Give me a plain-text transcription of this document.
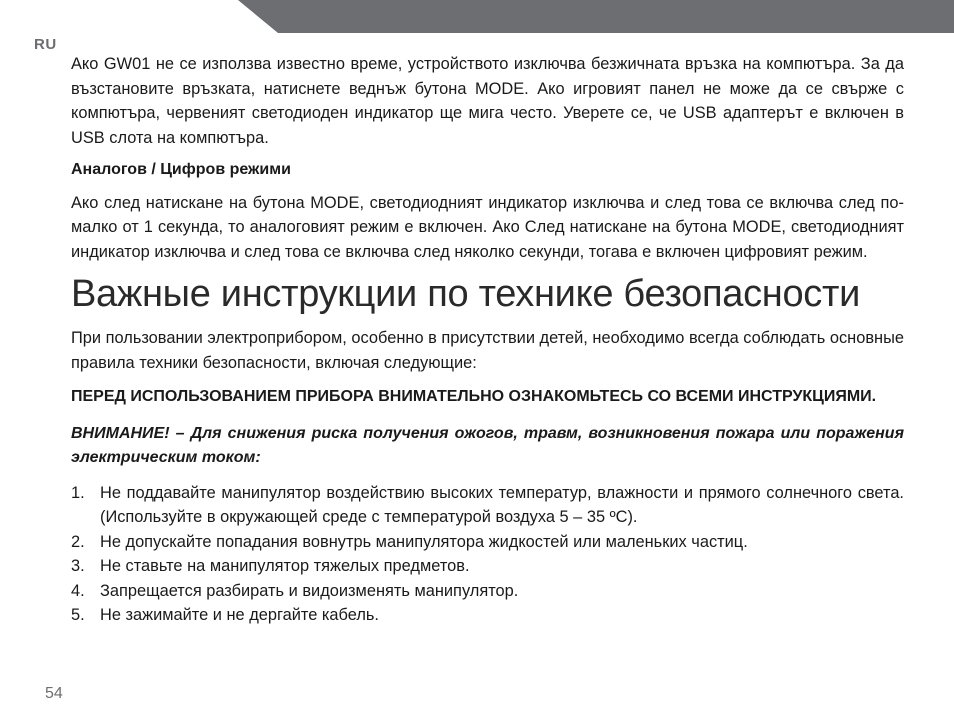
RU

Ако GW01 не се използва известно време, устройството изключва безжичната връзка на компютъра. За да възстановите връзката, натиснете веднъж бутона MODE. Ако игровият панел не може да се свърже с компютъра, червеният светодиоден индикатор ще мига често. Уверете се, че USB адаптерът е включен в USB слота на компютъра.

Аналогов / Цифров режими

Ако след натискане на бутона MODE, светодиодният индикатор изключва и след това се включва след по-малко от 1 секунда, то аналоговият режим е включен. Ако След натискане на бутона MODE, светодиодният индикатор изключва и след това се включва след няколко секунди, тогава е включен цифровият режим.

Важные инструкции по технике безопасности

При пользовании электроприбором, особенно в присутствии детей, необходимо всегда соблюдать основные правила техники безопасности, включая следующие:

ПЕРЕД ИСПОЛЬЗОВАНИЕМ ПРИБОРА ВНИМАТЕЛЬНО ОЗНАКОМЬТЕСЬ СО ВСЕМИ ИНСТРУКЦИЯМИ.

ВНИМАНИЕ! – Для снижения риска получения ожогов, травм, возникновения пожара или поражения электрическим током:

1. Не поддавайте манипулятор воздействию высоких температур, влажности и прямого солнечного света. (Используйте в окружающей среде с температурой воздуха 5 – 35 ºC).
2. Не допускайте попадания вовнутрь манипулятора жидкостей или маленьких частиц.
3. Не ставьте на манипулятор тяжелых предметов.
4. Запрещается разбирать и видоизменять манипулятор.
5. Не зажимайте и не дергайте кабель.
54
